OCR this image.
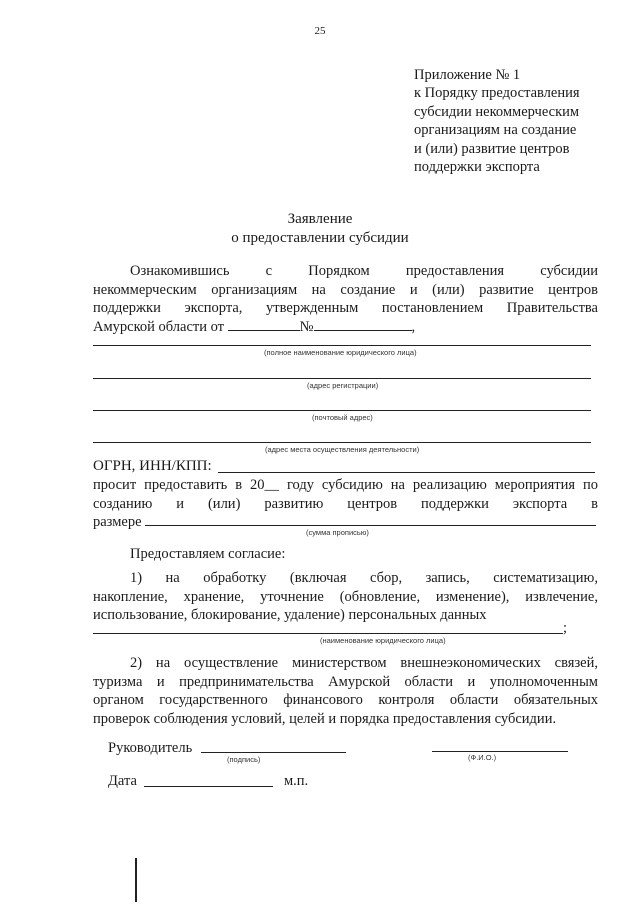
25
Приложение № 1
к Порядку предоставления
субсидии некоммерческим
организациям на создание
и (или) развитие центров
поддержки экспорта
Заявление
о предоставлении субсидии
Ознакомившись с Порядком предоставления субсидии
некоммерческим организациям на создание и (или) развитие центров
поддержки экспорта, утвержденным постановлением Правительства
Амурской области от	№	,
(полное наименование юридического лица)
(адрес регистрации)
(почтовый адрес)
(адрес места осуществления деятельности)
ОГРН, ИНН/КПП:
просит предоставить в 20__ году субсидию на реализацию мероприятия по
созданию и (или) развитию центров поддержки экспорта в
размере
(сумма прописью)
Предоставляем согласие:
1) на обработку (включая сбор, запись, систематизацию,
накопление, хранение, уточнение (обновление, изменение), извлечение,
использование, блокирование, удаление) персональных данных
;
(наименование юридического лица)
2) на осуществление министерством внешнеэкономических связей,
туризма и предпринимательства Амурской области и уполномоченным
органом государственного финансового контроля области обязательных
проверок соблюдения условий, целей и порядка предоставления субсидии.
Руководитель
(подпись)	(Ф.И.О.)
Дата	м.п.
